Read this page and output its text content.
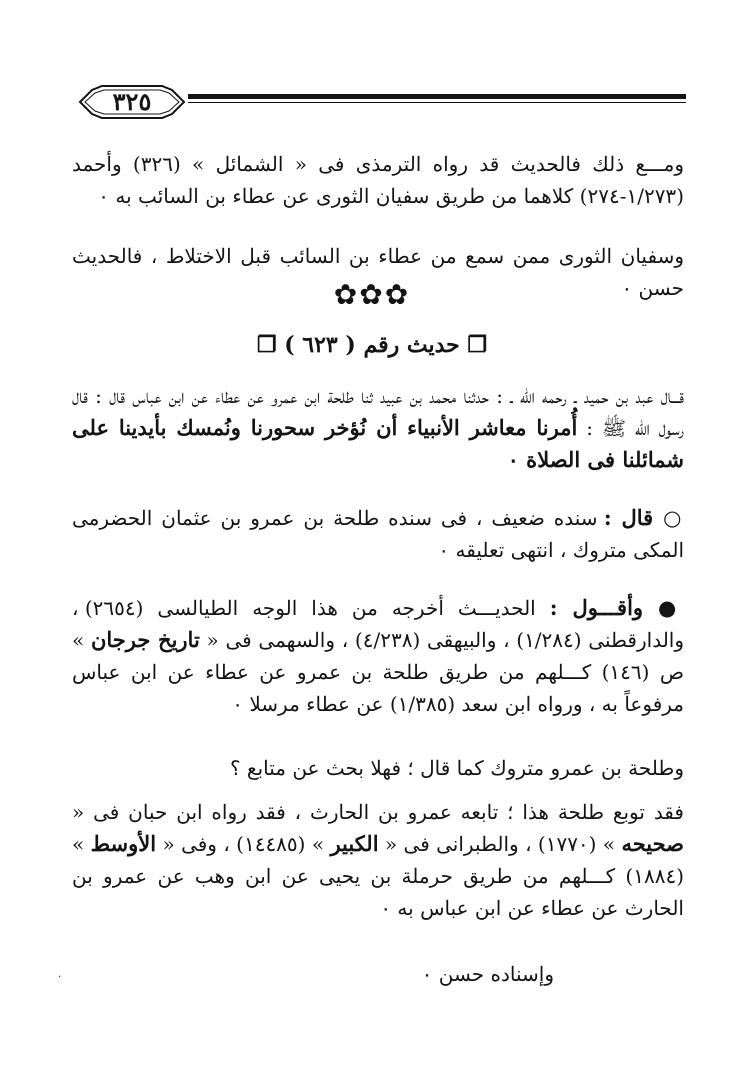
٣٢٥
ومـــع ذلك فالحديث قد رواه الترمذى فى « الشمائل » (٣٢٦) وأحمد (١/٢٧٣-٢٧٤) كلاهما من طريق سفيان الثورى عن عطاء بن السائب به ٠
وسفيان الثورى ممن سمع من عطاء بن السائب قبل الاختلاط ، فالحديث حسن ٠
✿✿✿
❐ حديث رقم ( ٦٢٣ ) ❐
قـــال عبد بن حميد ـ رحمه الله ـ : حدثنا محمد بن عبيد ثنا طلحة ابن عمرو عن عطاء عن ابن عباس قال : قال رسول الله ﷺ : أُمرنا معاشر الأنبياء أن نُؤخر سحورنا ونُمسك بأيدينا على شمائلنا فى الصلاة ٠
○ قال : سنده ضعيف ، فى سنده طلحة بن عمرو بن عثمان الحضرمى المكى متروك ، انتهى تعليقه ٠
● وأقـــول : الحديـــث أخرجه من هذا الوجه الطيالسى (٢٦٥٤) ، والدارقطنى (١/٢٨٤) ، والبيهقى (٤/٢٣٨) ، والسهمى فى « تاريخ جرجان » ص (١٤٦) كـــلهم من طريق طلحة بن عمرو عن عطاء عن ابن عباس مرفوعاً به ، ورواه ابن سعد (١/٣٨٥) عن عطاء مرسلا ٠
وطلحة بن عمرو متروك كما قال ؛ فهلا بحث عن متابع ؟
فقد توبع طلحة هذا ؛ تابعه عمرو بن الحارث ، فقد رواه ابن حبان فى « صحيحه » (١٧٧٠) ، والطبرانى فى « الكبير » (١٤٤٨٥) ، وفى « الأوسط » (١٨٨٤) كـــلهم من طريق حرملة بن يحيى عن ابن وهب عن عمرو بن الحارث عن عطاء عن ابن عباس به ٠
وإسناده حسن ٠
·
